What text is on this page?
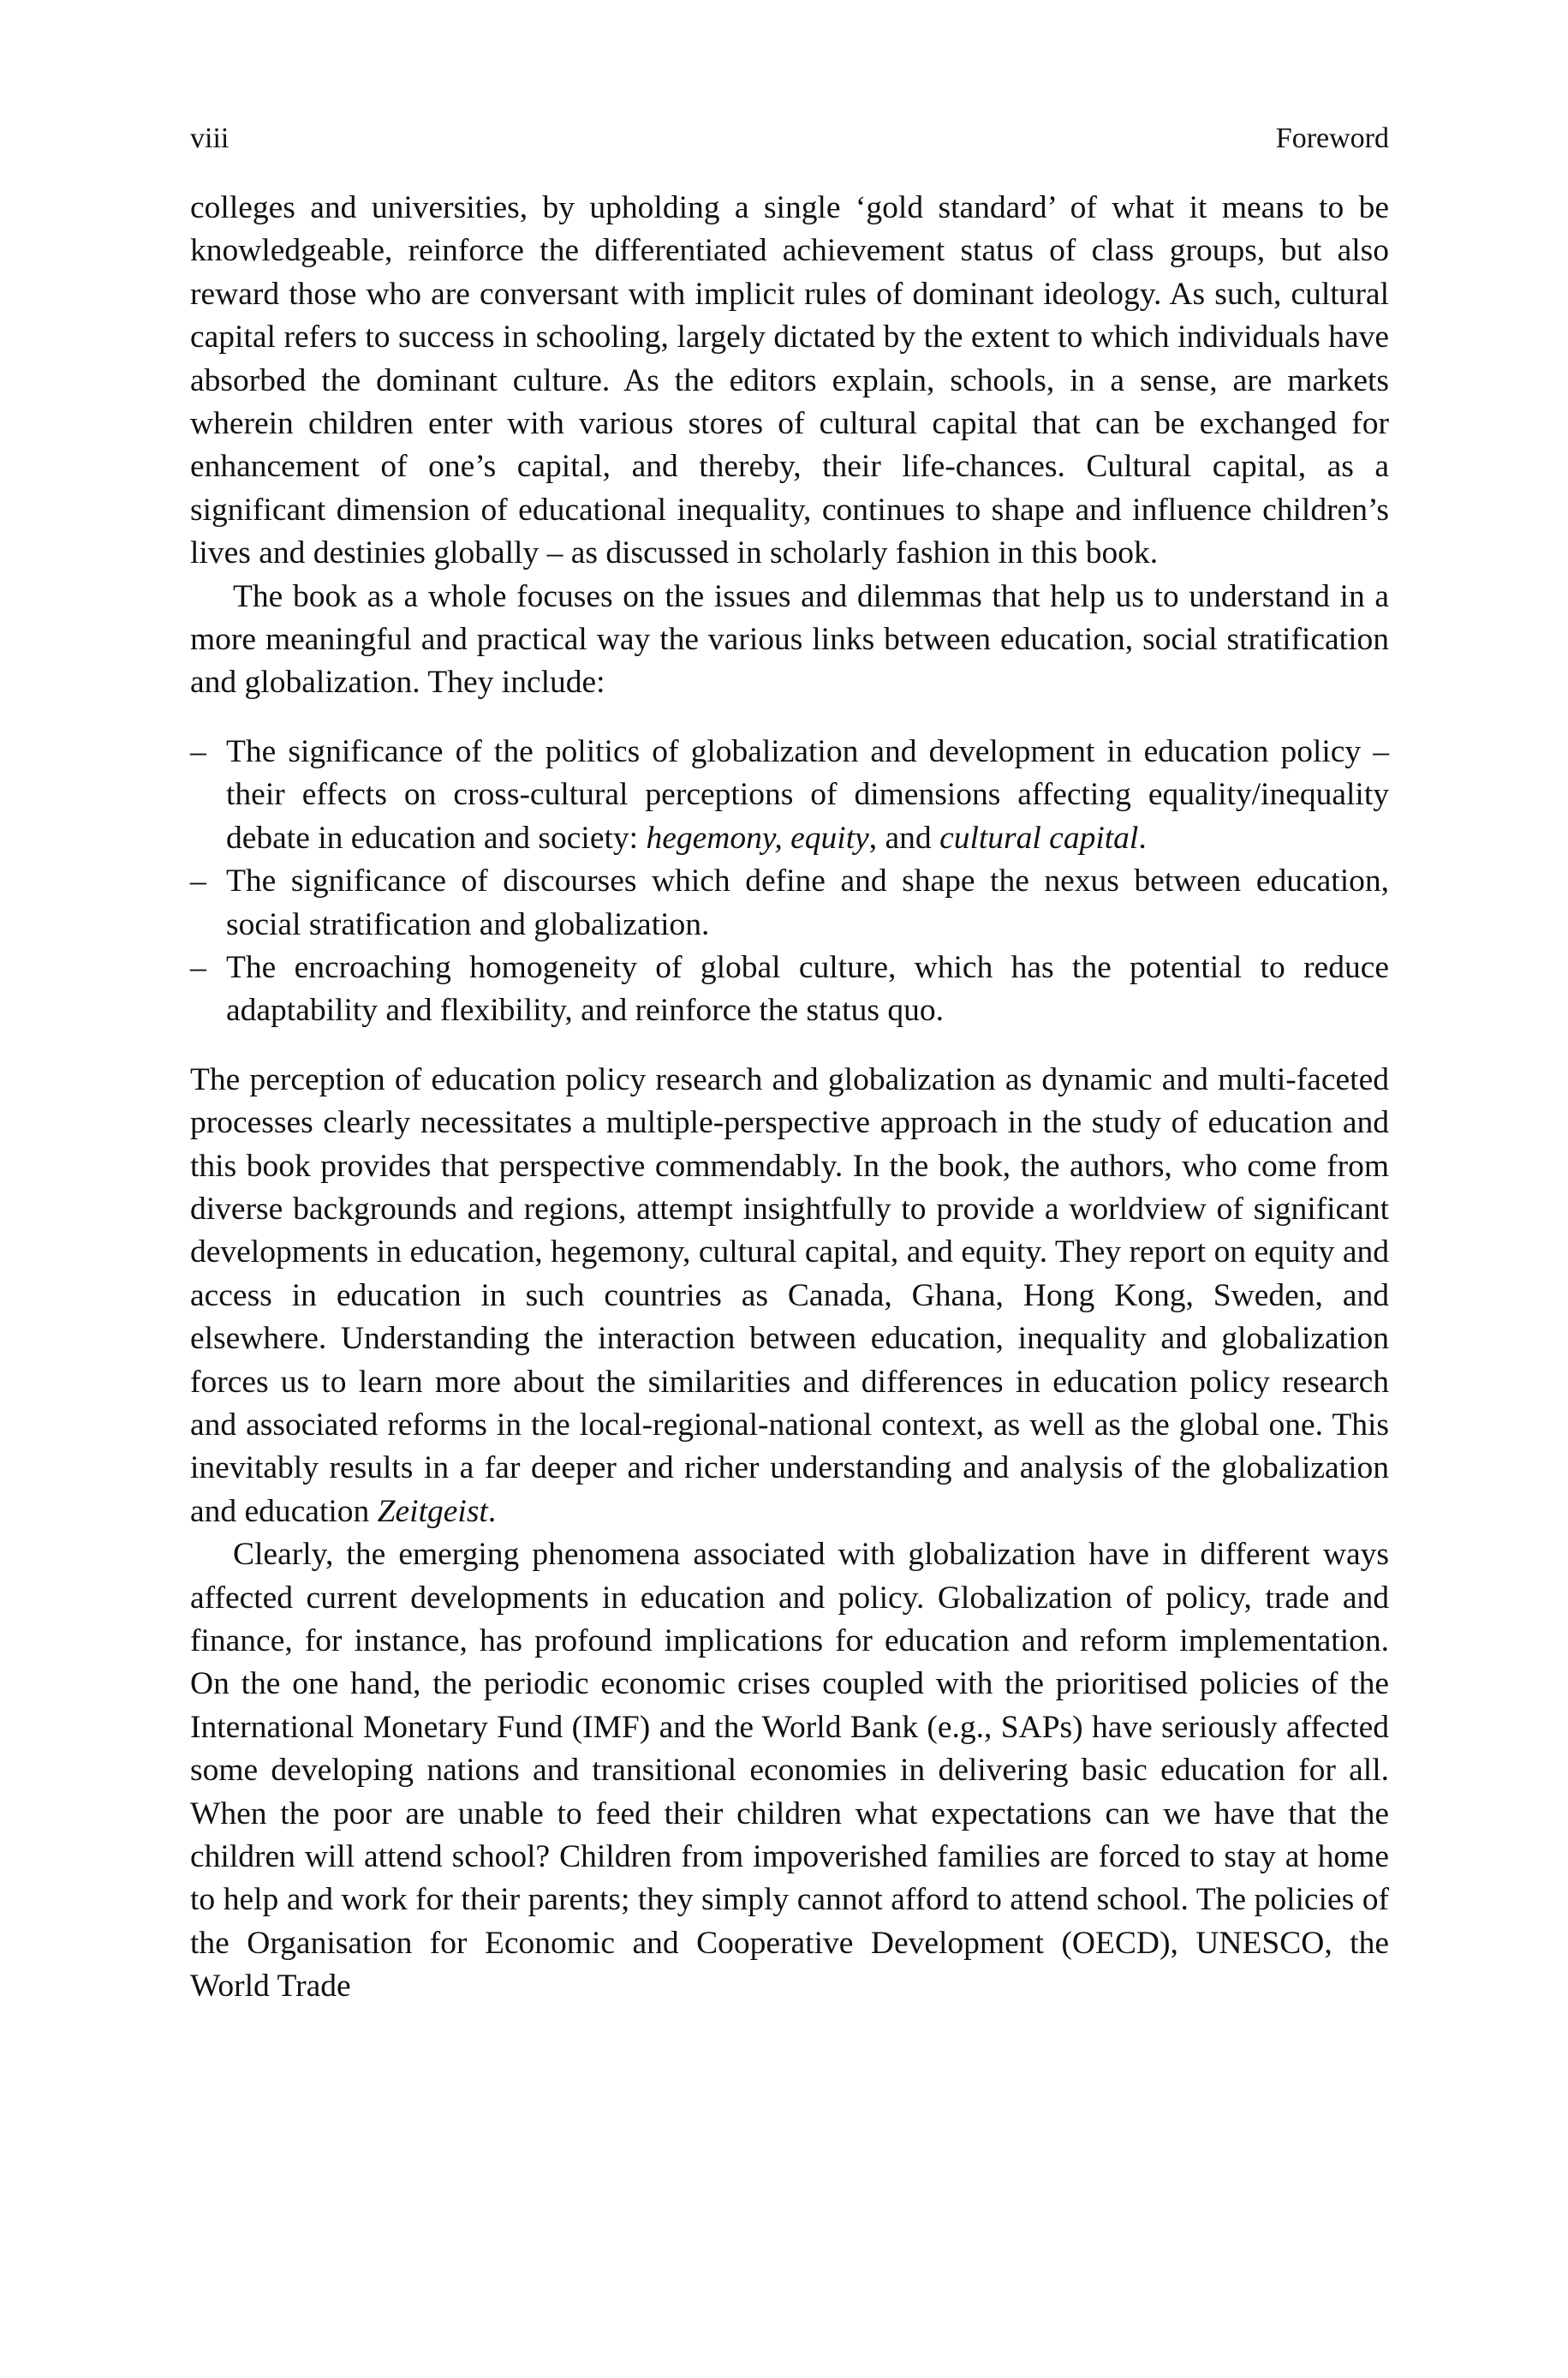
viii	Foreword

colleges and universities, by upholding a single ‘gold standard’ of what it means to be knowledgeable, reinforce the differentiated achievement status of class groups, but also reward those who are conversant with implicit rules of dominant ideology. As such, cultural capital refers to success in schooling, largely dictated by the extent to which individuals have absorbed the dominant culture. As the editors explain, schools, in a sense, are markets wherein children enter with various stores of cultural capital that can be exchanged for enhancement of one’s capital, and thereby, their life-chances. Cultural capital, as a significant dimension of educational inequality, continues to shape and influence children’s lives and destinies globally – as discussed in scholarly fashion in this book.

The book as a whole focuses on the issues and dilemmas that help us to understand in a more meaningful and practical way the various links between education, social stratification and globalization. They include:

– The significance of the politics of globalization and development in education policy – their effects on cross-cultural perceptions of dimensions affecting equality/inequality debate in education and society: hegemony, equity, and cultural capital.
– The significance of discourses which define and shape the nexus between education, social stratification and globalization.
– The encroaching homogeneity of global culture, which has the potential to reduce adaptability and flexibility, and reinforce the status quo.

The perception of education policy research and globalization as dynamic and multi-faceted processes clearly necessitates a multiple-perspective approach in the study of education and this book provides that perspective commendably. In the book, the authors, who come from diverse backgrounds and regions, attempt insightfully to provide a worldview of significant developments in education, hegemony, cultural capital, and equity. They report on equity and access in education in such countries as Canada, Ghana, Hong Kong, Sweden, and elsewhere. Understanding the interaction between education, inequality and globalization forces us to learn more about the similarities and differences in education policy research and associated reforms in the local-regional-national context, as well as the global one. This inevitably results in a far deeper and richer understanding and analysis of the globalization and education Zeitgeist.

Clearly, the emerging phenomena associated with globalization have in different ways affected current developments in education and policy. Globalization of policy, trade and finance, for instance, has profound implications for education and reform implementation. On the one hand, the periodic economic crises coupled with the prioritised policies of the International Monetary Fund (IMF) and the World Bank (e.g., SAPs) have seriously affected some developing nations and transitional economies in delivering basic education for all. When the poor are unable to feed their children what expectations can we have that the children will attend school? Children from impoverished families are forced to stay at home to help and work for their parents; they simply cannot afford to attend school. The policies of the Organisation for Economic and Cooperative Development (OECD), UNESCO, the World Trade
